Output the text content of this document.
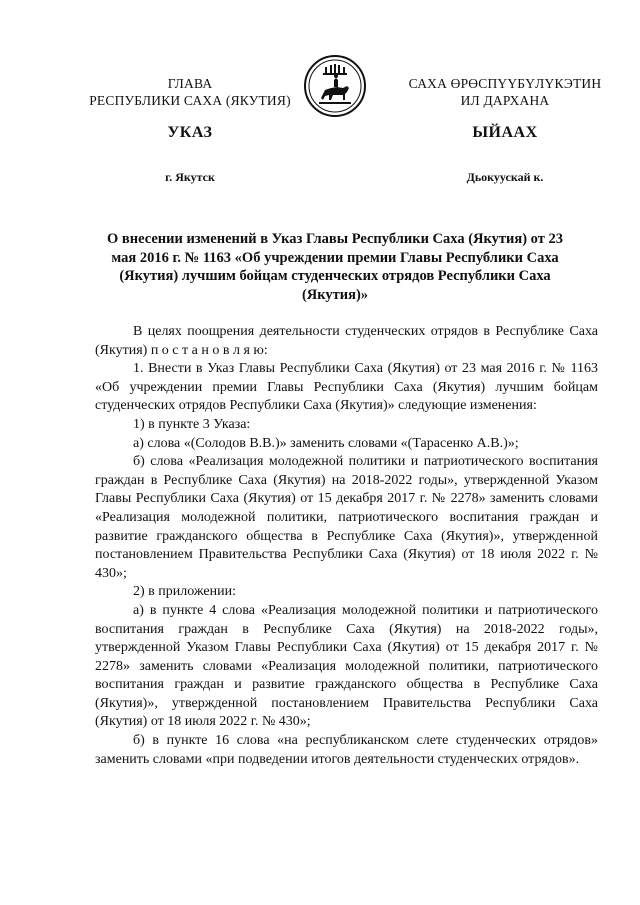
ГЛАВА
РЕСПУБЛИКИ САХА (ЯКУТИЯ)
САХА ӨРӨСПҮҮБҮЛҮКЭТИН
ИЛ ДАРХАНА
УКАЗ	ЫЙААХ
г. Якутск	Дьокуускай к.
О внесении изменений в Указ Главы Республики Саха (Якутия) от 23 мая 2016 г. № 1163 «Об учреждении премии Главы Республики Саха (Якутия) лучшим бойцам студенческих отрядов Республики Саха (Якутия)»

В целях поощрения деятельности студенческих отрядов в Республике Саха (Якутия) п о с т а н о в л я ю:

1. Внести в Указ Главы Республики Саха (Якутия) от 23 мая 2016 г. № 1163 «Об учреждении премии Главы Республики Саха (Якутия) лучшим бойцам студенческих отрядов Республики Саха (Якутия)» следующие изменения:

1) в пункте 3 Указа:

а) слова «(Солодов В.В.)» заменить словами «(Тарасенко А.В.)»;

б) слова «Реализация молодежной политики и патриотического воспитания граждан в Республике Саха (Якутия) на 2018-2022 годы», утвержденной Указом Главы Республики Саха (Якутия) от 15 декабря 2017 г. № 2278» заменить словами «Реализация молодежной политики, патриотического воспитания граждан и развитие гражданского общества в Республике Саха (Якутия)», утвержденной постановлением Правительства Республики Саха (Якутия) от 18 июля 2022 г. № 430»;

2) в приложении:

а) в пункте 4 слова «Реализация молодежной политики и патриотического воспитания граждан в Республике Саха (Якутия) на 2018-2022 годы», утвержденной Указом Главы Республики Саха (Якутия) от 15 декабря 2017 г. № 2278» заменить словами «Реализация молодежной политики, патриотического воспитания граждан и развитие гражданского общества в Республике Саха (Якутия)», утвержденной постановлением Правительства Республики Саха (Якутия) от 18 июля 2022 г. № 430»;

б) в пункте 16 слова «на республиканском слете студенческих отрядов» заменить словами «при подведении итогов деятельности студенческих отрядов».
